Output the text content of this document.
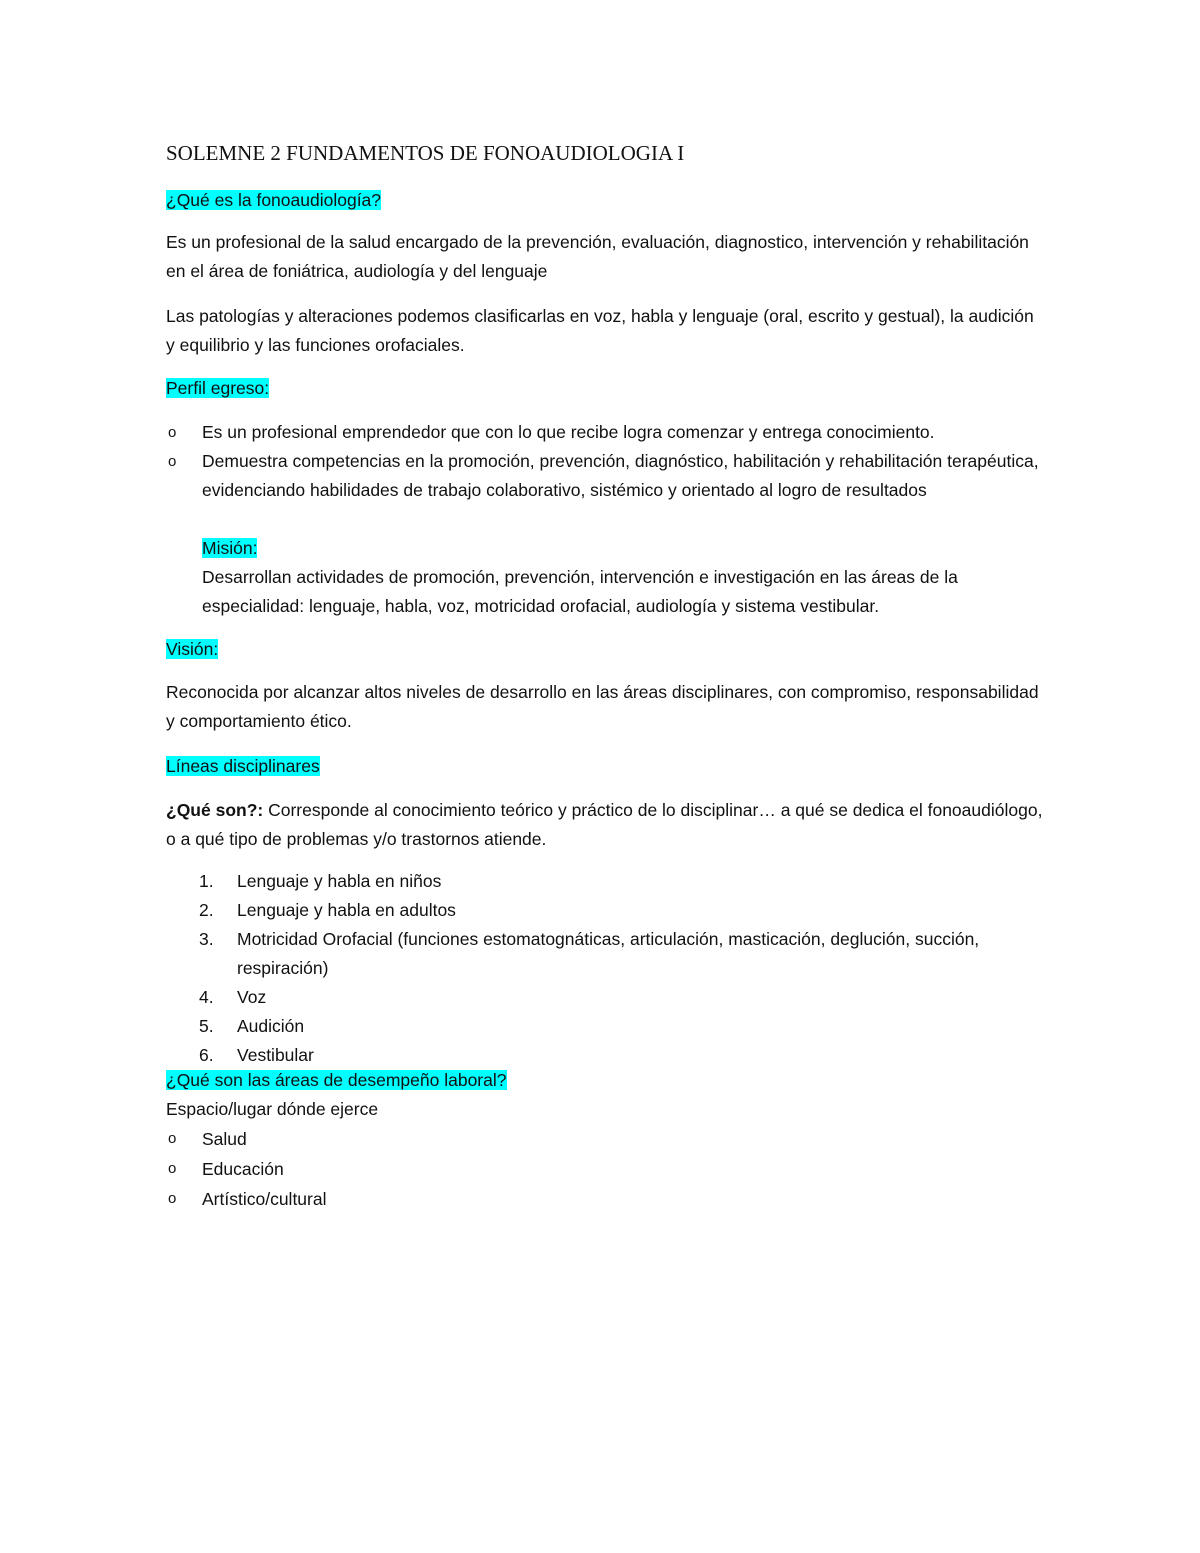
SOLEMNE 2 FUNDAMENTOS DE FONOAUDIOLOGIA I

¿Qué es la fonoaudiología?

Es un profesional de la salud encargado de la prevención, evaluación, diagnostico, intervención y rehabilitación en el área de foniátrica, audiología y del lenguaje

Las patologías y alteraciones podemos clasificarlas en voz, habla y lenguaje (oral, escrito y gestual), la audición y equilibrio y las funciones orofaciales.

Perfil egreso:

o Es un profesional emprendedor que con lo que recibe logra comenzar y entrega conocimiento.
o Demuestra competencias en la promoción, prevención, diagnóstico, habilitación y rehabilitación terapéutica, evidenciando habilidades de trabajo colaborativo, sistémico y orientado al logro de resultados
Misión:
Desarrollan actividades de promoción, prevención, intervención e investigación en las áreas de la especialidad: lenguaje, habla, voz, motricidad orofacial, audiología y sistema vestibular.

Visión:

Reconocida por alcanzar altos niveles de desarrollo en las áreas disciplinares, con compromiso, responsabilidad y comportamiento ético.

Líneas disciplinares

¿Qué son?: Corresponde al conocimiento teórico y práctico de lo disciplinar… a qué se dedica el fonoaudiólogo, o a qué tipo de problemas y/o trastornos atiende.

1. Lenguaje y habla en niños
2. Lenguaje y habla en adultos
3. Motricidad Orofacial (funciones estomatognáticas, articulación, masticación, deglución, succión, respiración)
4. Voz
5. Audición
6. Vestibular

¿Qué son las áreas de desempeño laboral?

Espacio/lugar dónde ejerce

o Salud
o Educación
o Artístico/cultural
